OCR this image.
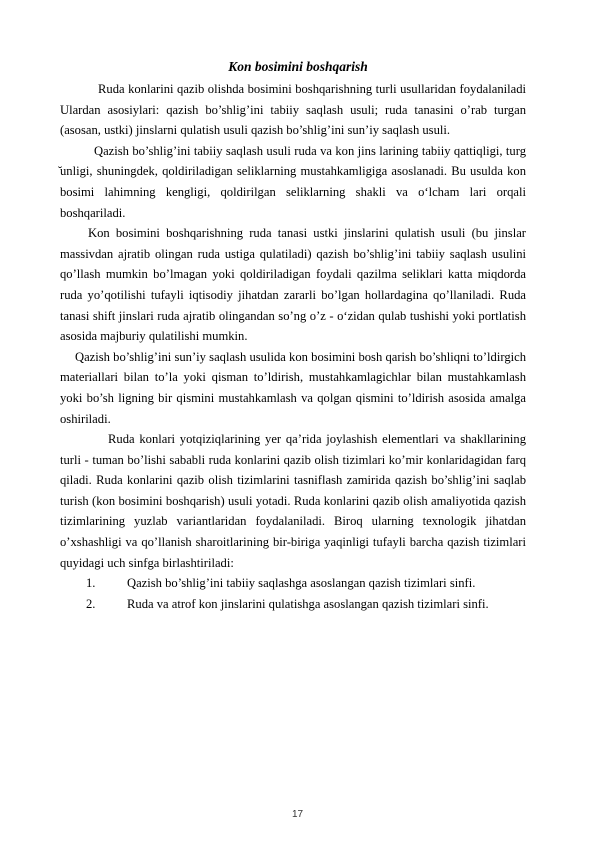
Kon bosimini boshqarish

Ruda konlarini qazib olishda bosimini boshqarishning turli usullaridan foydalaniladi Ulardan asosiylari: qazish bo’shlig’ini tabiiy saqlash usuli; ruda tanasini o’rab turgan (asosan, ustki) jinslarni qulatish usuli qazish bo’shlig’ini sun’iy saqlash usuli.

Qazish bo’shlig’ini tabiiy saqlash usuli ruda va kon jins larining tabiiy qattiqligi, turg ̆unligi, shuningdek, qoldiriladigan seliklarning mustahkamligiga asoslanadi. Bu usulda kon bosimi lahimning kengligi, qoldirilgan seliklarning shakli va o‘lcham lari orqali boshqariladi.

Kon bosimini boshqarishning ruda tanasi ustki jinslarini qulatish usuli (bu jinslar massivdan ajratib olingan ruda ustiga qulatiladi) qazish bo’shlig’ini tabiiy saqlash usulini qo’llash mumkin bo’lmagan yoki qoldiriladigan foydali qazilma seliklari katta miqdorda ruda yo’qotilishi tufayli iqtisodiy jihatdan zararli bo’lgan hollardagina qo’llaniladi. Ruda tanasi shift jinslari ruda ajratib olingandan so’ng o’z - o‘zidan qulab tushishi yoki portlatish asosida majburiy qulatilishi mumkin.

Qazish bo’shlig’ini sun’iy saqlash usulida kon bosimini bosh qarish bo’shliqni to’ldirgich materiallari bilan to’la yoki qisman to’ldirish, mustahkamlagichlar bilan mustahkamlash yoki bo’sh ligning bir qismini mustahkamlash va qolgan qismini to’ldirish asosida amalga oshiriladi.

Ruda konlari yotqiziqlarining yer qa’rida joylashish elementlari va shakllarining turli - tuman bo’lishi sababli ruda konlarini qazib olish tizimlari ko’mir konlaridagidan farq qiladi. Ruda konlarini qazib olish tizimlarini tasniflash zamirida qazish bo’shlig’ini saqlab turish (kon bosimini boshqarish) usuli yotadi. Ruda konlarini qazib olish amaliyotida qazish tizimlarining yuzlab variantlaridan foydalaniladi. Biroq ularning texnologik jihatdan o’xshashligi va qo’llanish sharoitlarining bir-biriga yaqinligi tufayli barcha qazish tizimlari quyidagi uch sinfga birlashtiriladi:

1.	Qazish bo’shlig’ini tabiiy saqlashga asoslangan qazish tizimlari sinfi.
2.	Ruda va atrof kon jinslarini qulatishga asoslangan qazish tizimlari sinfi.
17
